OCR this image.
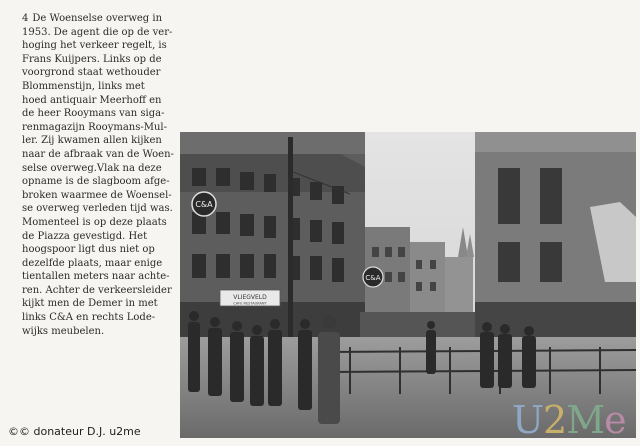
4 De Woenselse overweg in
1953. De agent die op de ver-
hoging het verkeer regelt, is
Frans Kuijpers. Links op de
voorgrond staat wethouder
Blommenstijn, links met
hoed antiquair Meerhoff en
de heer Rooymans van siga-
renmagazijn Rooymans-Mul-
ler. Zij kwamen allen kijken
naar de afbraak van de Woen-
selse overweg.Vlak na deze
opname is de slagboom afge-
broken waarmee de Woensel-
se overweg verleden tijd was.
Momenteel is op deze plaats
de Piazza gevestigd. Het
hoogspoor ligt dus niet op
dezelfde plaats, maar enige
tientallen meters naar achte-
ren. Achter de verkeersleider
kijkt men de Demer in met
links C&A en rechts Lode-
wijks meubelen.
C&A
VLIEGVELD
CAFE RESTAURANT
C&A
©© donateur D.J. u2me	U2Me
